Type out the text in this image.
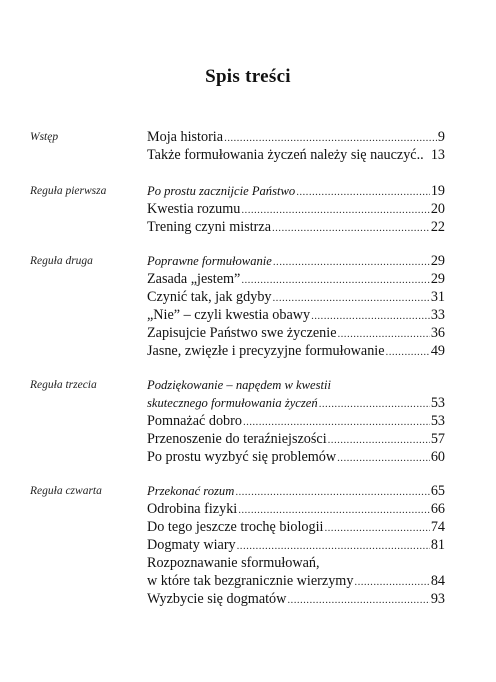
Spis treści
Wstęp	Moja historia .....	9
Także formułowania życzeń należy się nauczyć.. 13
Reguła pierwsza	Po prostu zacznijcie Państwo .....	19
Kwestia rozumu .....	20
Trening czyni mistrza .....	22
Reguła druga	Poprawne formułowanie .....	29
Zasada „jestem” .....	29
Czynić tak, jak gdyby .....	31
„Nie” – czyli kwestia obawy .....	33
Zapisujcie Państwo swe życzenie .....	36
Jasne, zwięzłe i precyzyjne formułowanie .....	49
Reguła trzecia	Podziękowanie – napędem w kwestii
skutecznego formułowania życzeń .....	53
Pomnażać dobro .....	53
Przenoszenie do teraźniejszości .....	57
Po prostu wyzbyć się problemów .....	60
Reguła czwarta	Przekonać rozum .....	65
Odrobina fizyki .....	66
Do tego jeszcze trochę biologii .....	74
Dogmaty wiary .....	81
Rozpoznawanie sformułowań,
w które tak bezgranicznie wierzymy .....	84
Wyzbycie się dogmatów .....	93
